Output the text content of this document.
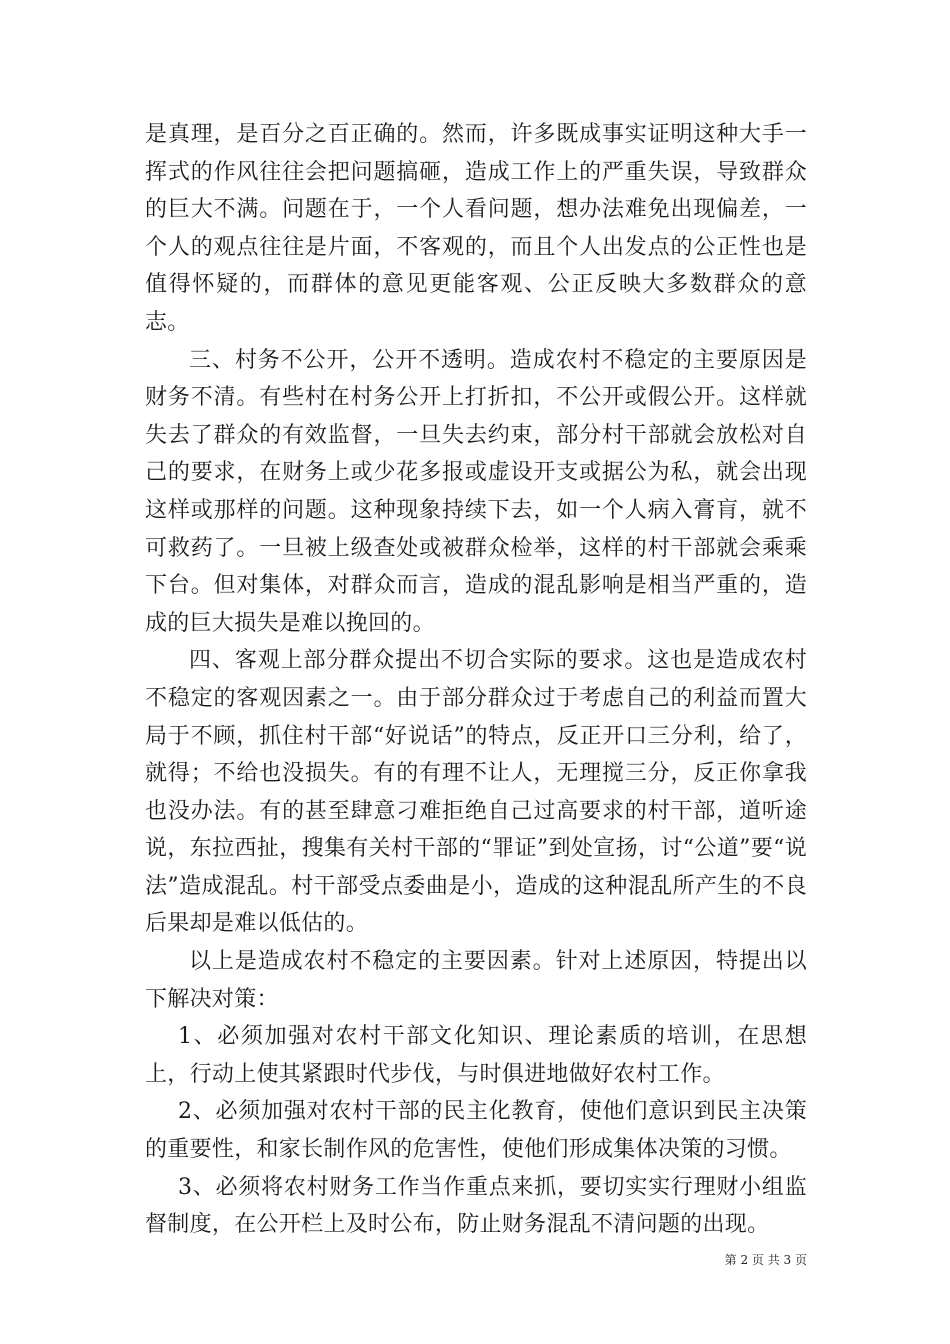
是真理，是百分之百正确的。然而，许多既成事实证明这种大手一挥式的作风往往会把问题搞砸，造成工作上的严重失误，导致群众的巨大不满。问题在于，一个人看问题，想办法难免出现偏差，一个人的观点往往是片面，不客观的，而且个人出发点的公正性也是值得怀疑的，而群体的意见更能客观、公正反映大多数群众的意志。

三、村务不公开，公开不透明。造成农村不稳定的主要原因是财务不清。有些村在村务公开上打折扣，不公开或假公开。这样就失去了群众的有效监督，一旦失去约束，部分村干部就会放松对自己的要求，在财务上或少花多报或虚设开支或据公为私，就会出现这样或那样的问题。这种现象持续下去，如一个人病入膏肓，就不可救药了。一旦被上级查处或被群众检举，这样的村干部就会乘乘下台。但对集体，对群众而言，造成的混乱影响是相当严重的，造成的巨大损失是难以挽回的。

四、客观上部分群众提出不切合实际的要求。这也是造成农村不稳定的客观因素之一。由于部分群众过于考虑自己的利益而置大局于不顾，抓住村干部“好说话”的特点，反正开口三分利，给了，就得；不给也没损失。有的有理不让人，无理搅三分，反正你拿我也没办法。有的甚至肆意刁难拒绝自己过高要求的村干部，道听途说，东拉西扯，搜集有关村干部的“罪证”到处宣扬，讨“公道”要“说法”造成混乱。村干部受点委曲是小，造成的这种混乱所产生的不良后果却是难以低估的。

以上是造成农村不稳定的主要因素。针对上述原因，特提出以下解决对策：

1、必须加强对农村干部文化知识、理论素质的培训，在思想上，行动上使其紧跟时代步伐，与时俱进地做好农村工作。

2、必须加强对农村干部的民主化教育，使他们意识到民主决策的重要性，和家长制作风的危害性，使他们形成集体决策的习惯。

3、必须将农村财务工作当作重点来抓，要切实实行理财小组监督制度，在公开栏上及时公布，防止财务混乱不清问题的出现。

第 2 页 共 3 页
